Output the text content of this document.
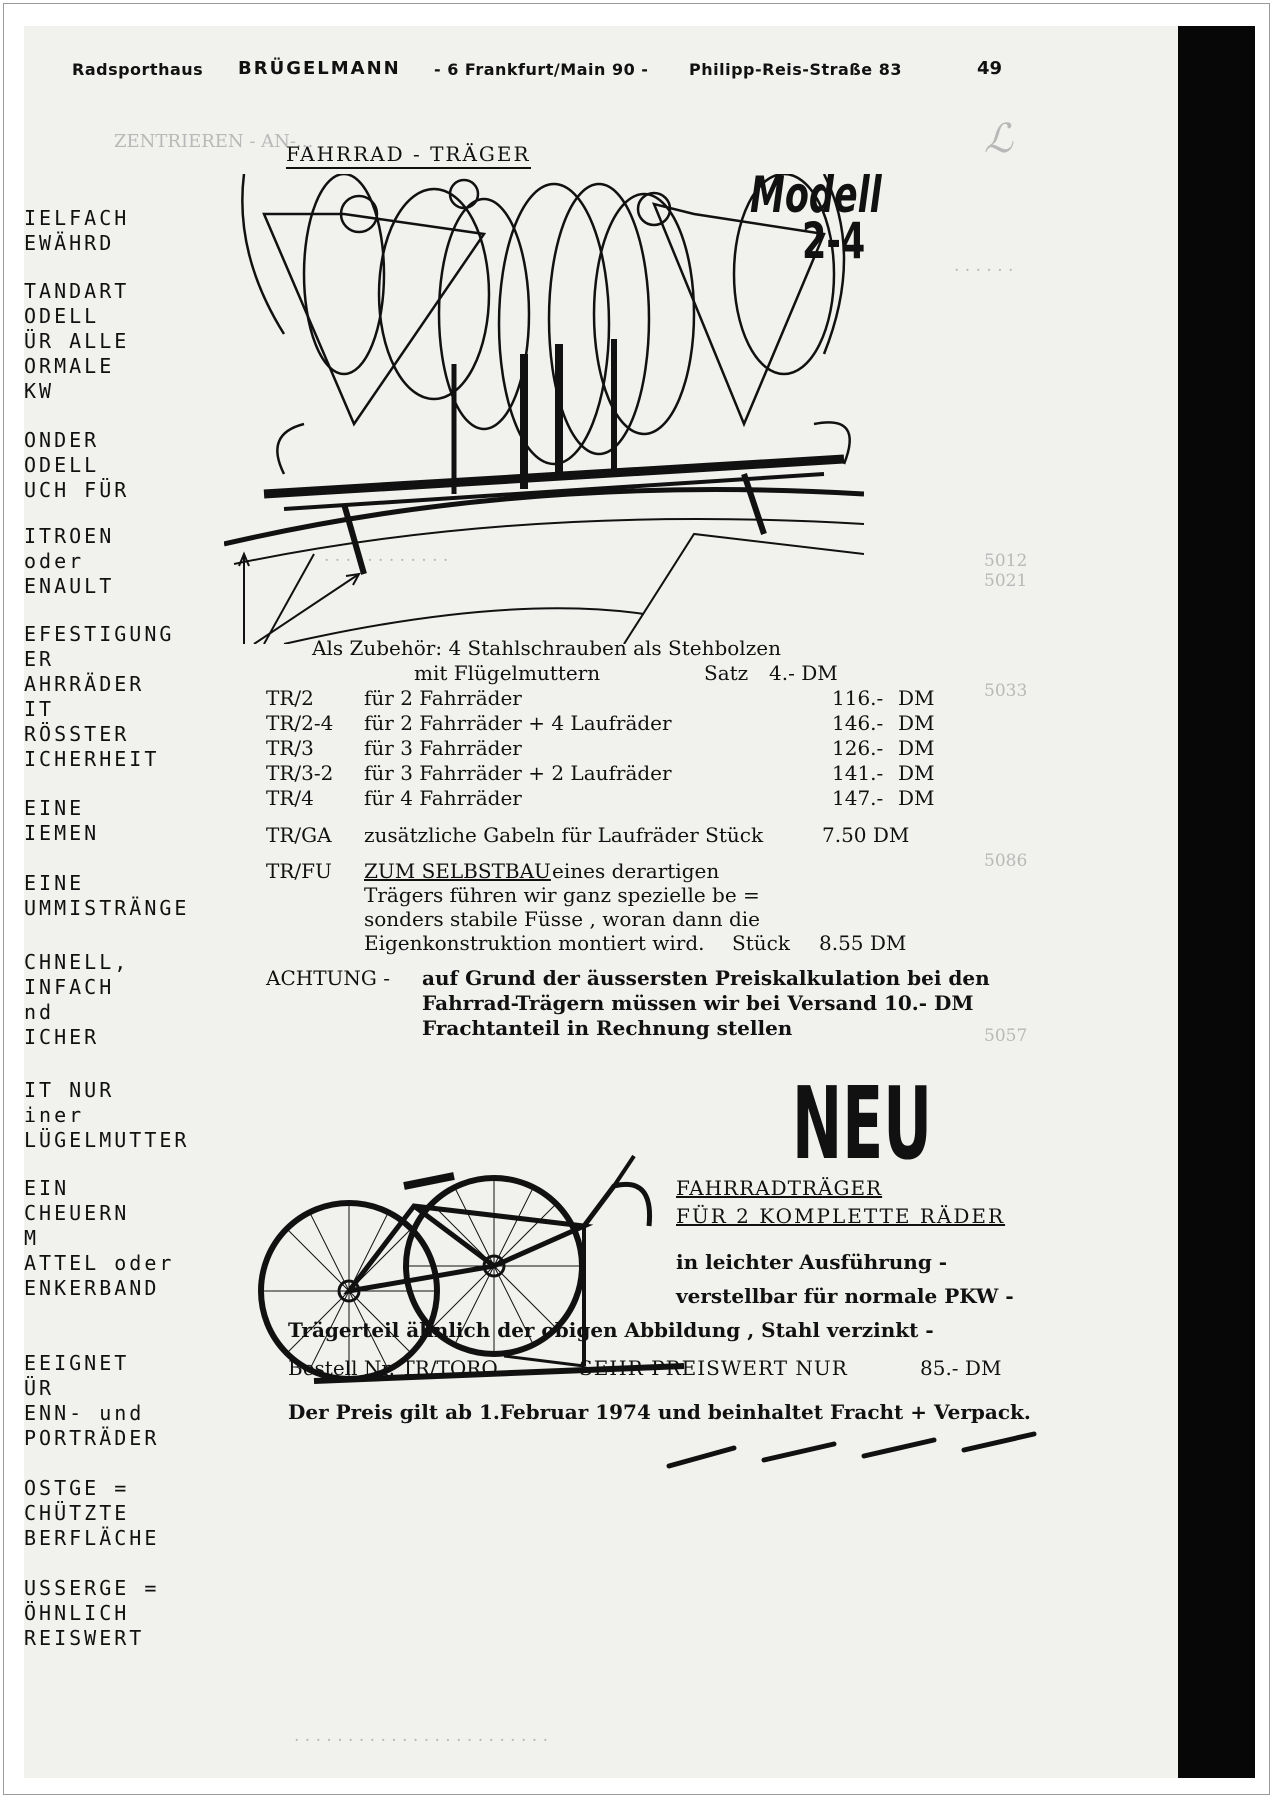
ZENTRIEREN - AN-...	ℒ
. . . . . .
. . . . . . . . . . . .	5012
5021
5033
5086
5057
. . . . . . . . . . . . . . . . . . . . . . . .
Radsporthaus BRÜGELMANN - 6 Frankfurt/Main 90 -	Philipp-Reis-Straße 83	49
FAHRRAD - TRÄGER
Modell
2-4
IELFACH
EWÄHRD
TANDART
ODELL
ÜR ALLE
ORMALE
KW
ONDER
ODELL
UCH FÜR
ITROEN
oder
ENAULT
EFESTIGUNG
ER
AHRRÄDER
IT
RÖSSTER
ICHERHEIT
EINE
IEMEN
EINE
UMMISTRÄNGE
CHNELL,
INFACH
nd
ICHER
IT NUR
iner
LÜGELMUTTER
EIN
CHEUERN
M
ATTEL oder
ENKERBAND
EEIGNET
ÜR
ENN- und
PORTRÄDER
OSTGE =
CHÜTZTE
BERFLÄCHE
USSERGE =
ÖHNLICH
REISWERT
Als Zubehör: 4 Stahlschrauben als Stehbolzen
mit Flügelmuttern	Satz 4.- DM
TR/2	für 2 Fahrräder	116.- DM
TR/2-4 für 2 Fahrräder + 4 Laufräder	146.- DM
TR/3	für 3 Fahrräder	126.- DM
TR/3-2 für 3 Fahrräder + 2 Laufräder	141.- DM
TR/4	für 4 Fahrräder	147.- DM
TR/GA zusätzliche Gabeln für Laufräder Stück	7.50 DM
TR/FU ZUM SELBSTBAU eines derartigen
Trägers führen wir ganz spezielle be =
sonders stabile Füsse , woran dann die
Eigenkonstruktion montiert wird. Stück 8.55 DM
ACHTUNG - auf Grund der äussersten Preiskalkulation bei den
Fahrrad-Trägern müssen wir bei Versand 10.- DM
Frachtanteil in Rechnung stellen
NEU
FAHRRADTRÄGER
FÜR 2 KOMPLETTE RÄDER
in leichter Ausführung -
verstellbar für normale PKW -
Trägerteil ähnlich der obigen Abbildung , Stahl verzinkt -
Bestell Nr. TR/TORO	SEHR PREISWERT NUR	85.- DM
Der Preis gilt ab 1.Februar 1974 und beinhaltet Fracht + Verpack.
